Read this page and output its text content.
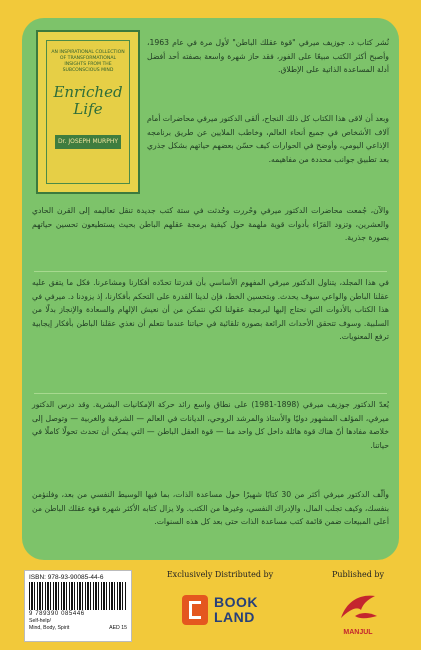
AN INSPIRATIONAL COLLECTION OF TRANSFORMATIONAL INSIGHTS FROM THE SUBCONSCIOUS MIND
Enriched
Life
Dr. JOSEPH MURPHY

نُشر كتاب د. جوزيف ميرفي "قوة عقلك الباطن" لأول مرة في عام 1963، وأصبح أكثر الكتب مبيعًا على الفور، فقد حاز شهرة واسعة بصفته أحد أفضل أدلة المساعدة الذاتية على الإطلاق.

وبعد أن لاقى هذا الكتاب كل ذلك النجاح، ألقى الدكتور ميرفي محاضرات أمام آلاف الأشخاص في جميع أنحاء العالم، وخاطب الملايين عن طريق برنامجه الإذاعي اليومي، وأوضح في الحوارات كيف حسّن بعضهم حياتهم بشكل جذري بعد تطبيق جوانب محددة من مفاهيمه.

والآن، جُمعت محاضرات الدكتور ميرفي وحُررت وحُدثت في ستة كتب جديدة تنقل تعاليمه إلى القرن الحادي والعشرين، وتزود القرّاء بأدوات قوية ملهمة حول كيفية برمجة عقلهم الباطن بحيث يستطيعون تحسين حياتهم بصورة جذرية.

في هذا المجلد، يتناول الدكتور ميرفي المفهوم الأساسي بأن قدرتنا تحدّده أفكارنا ومشاعرنا. فكل ما يتفق عليه عقلنا الباطن والواعي سوف يحدث. وبتحسين الخط، فإن لدينا القدرة على التحكم بأفكارنا، إذ يزودنا د. ميرفي في هذا الكتاب بالأدوات التي نحتاج إليها لبرمجة عقولنا لكي نتمكن من أن نعيش الإلهام والسعادة والإنجاز بدلًا من السلبية. وسوف تتحقق الأحداث الرائعة بصورة تلقائية في حياتنا عندما نتعلم أن نغذي عقلنا الباطن بأفكار إيجابية ترفع المعنويات.

يُعدّ الدكتور جوزيف ميرفي (1898-1981) على نطاق واسع رائد حركة الإمكانيات البشرية. وقد درس الدكتور ميرفي، المؤلف المشهور دوليًا والأستاذ والمرشد الروحي، الديانات في العالم — الشرقية والغربية — وتوصل إلى خلاصة مفادها أنّ هناك قوة هائلة داخل كل واحد منا — قوة العقل الباطن — التي يمكن أن تحدث تحولًا كاملًا في حياتنا.

وألّف الدكتور ميرفي أكثر من 30 كتابًا شهيرًا حول مساعدة الذات، بما فيها الوسيط النفسي من بعد، وفلنؤمن بنفسك، وكيف تجلب المال، والإدراك النفسي، وغيرها من الكتب. ولا يزال كتابه الأكثر شهرة قوة عقلك الباطن من أعلى المبيعات ضمن قائمة كتب مساعدة الذات حتى بعد كل هذه السنوات.

ISBN: 978-93-90085-44-6
9 789390 085446
Self-help/
Mind, Body, Spirit	AED 15
Exclusively Distributed by
BOOK
LAND
Published by
MANJUL
